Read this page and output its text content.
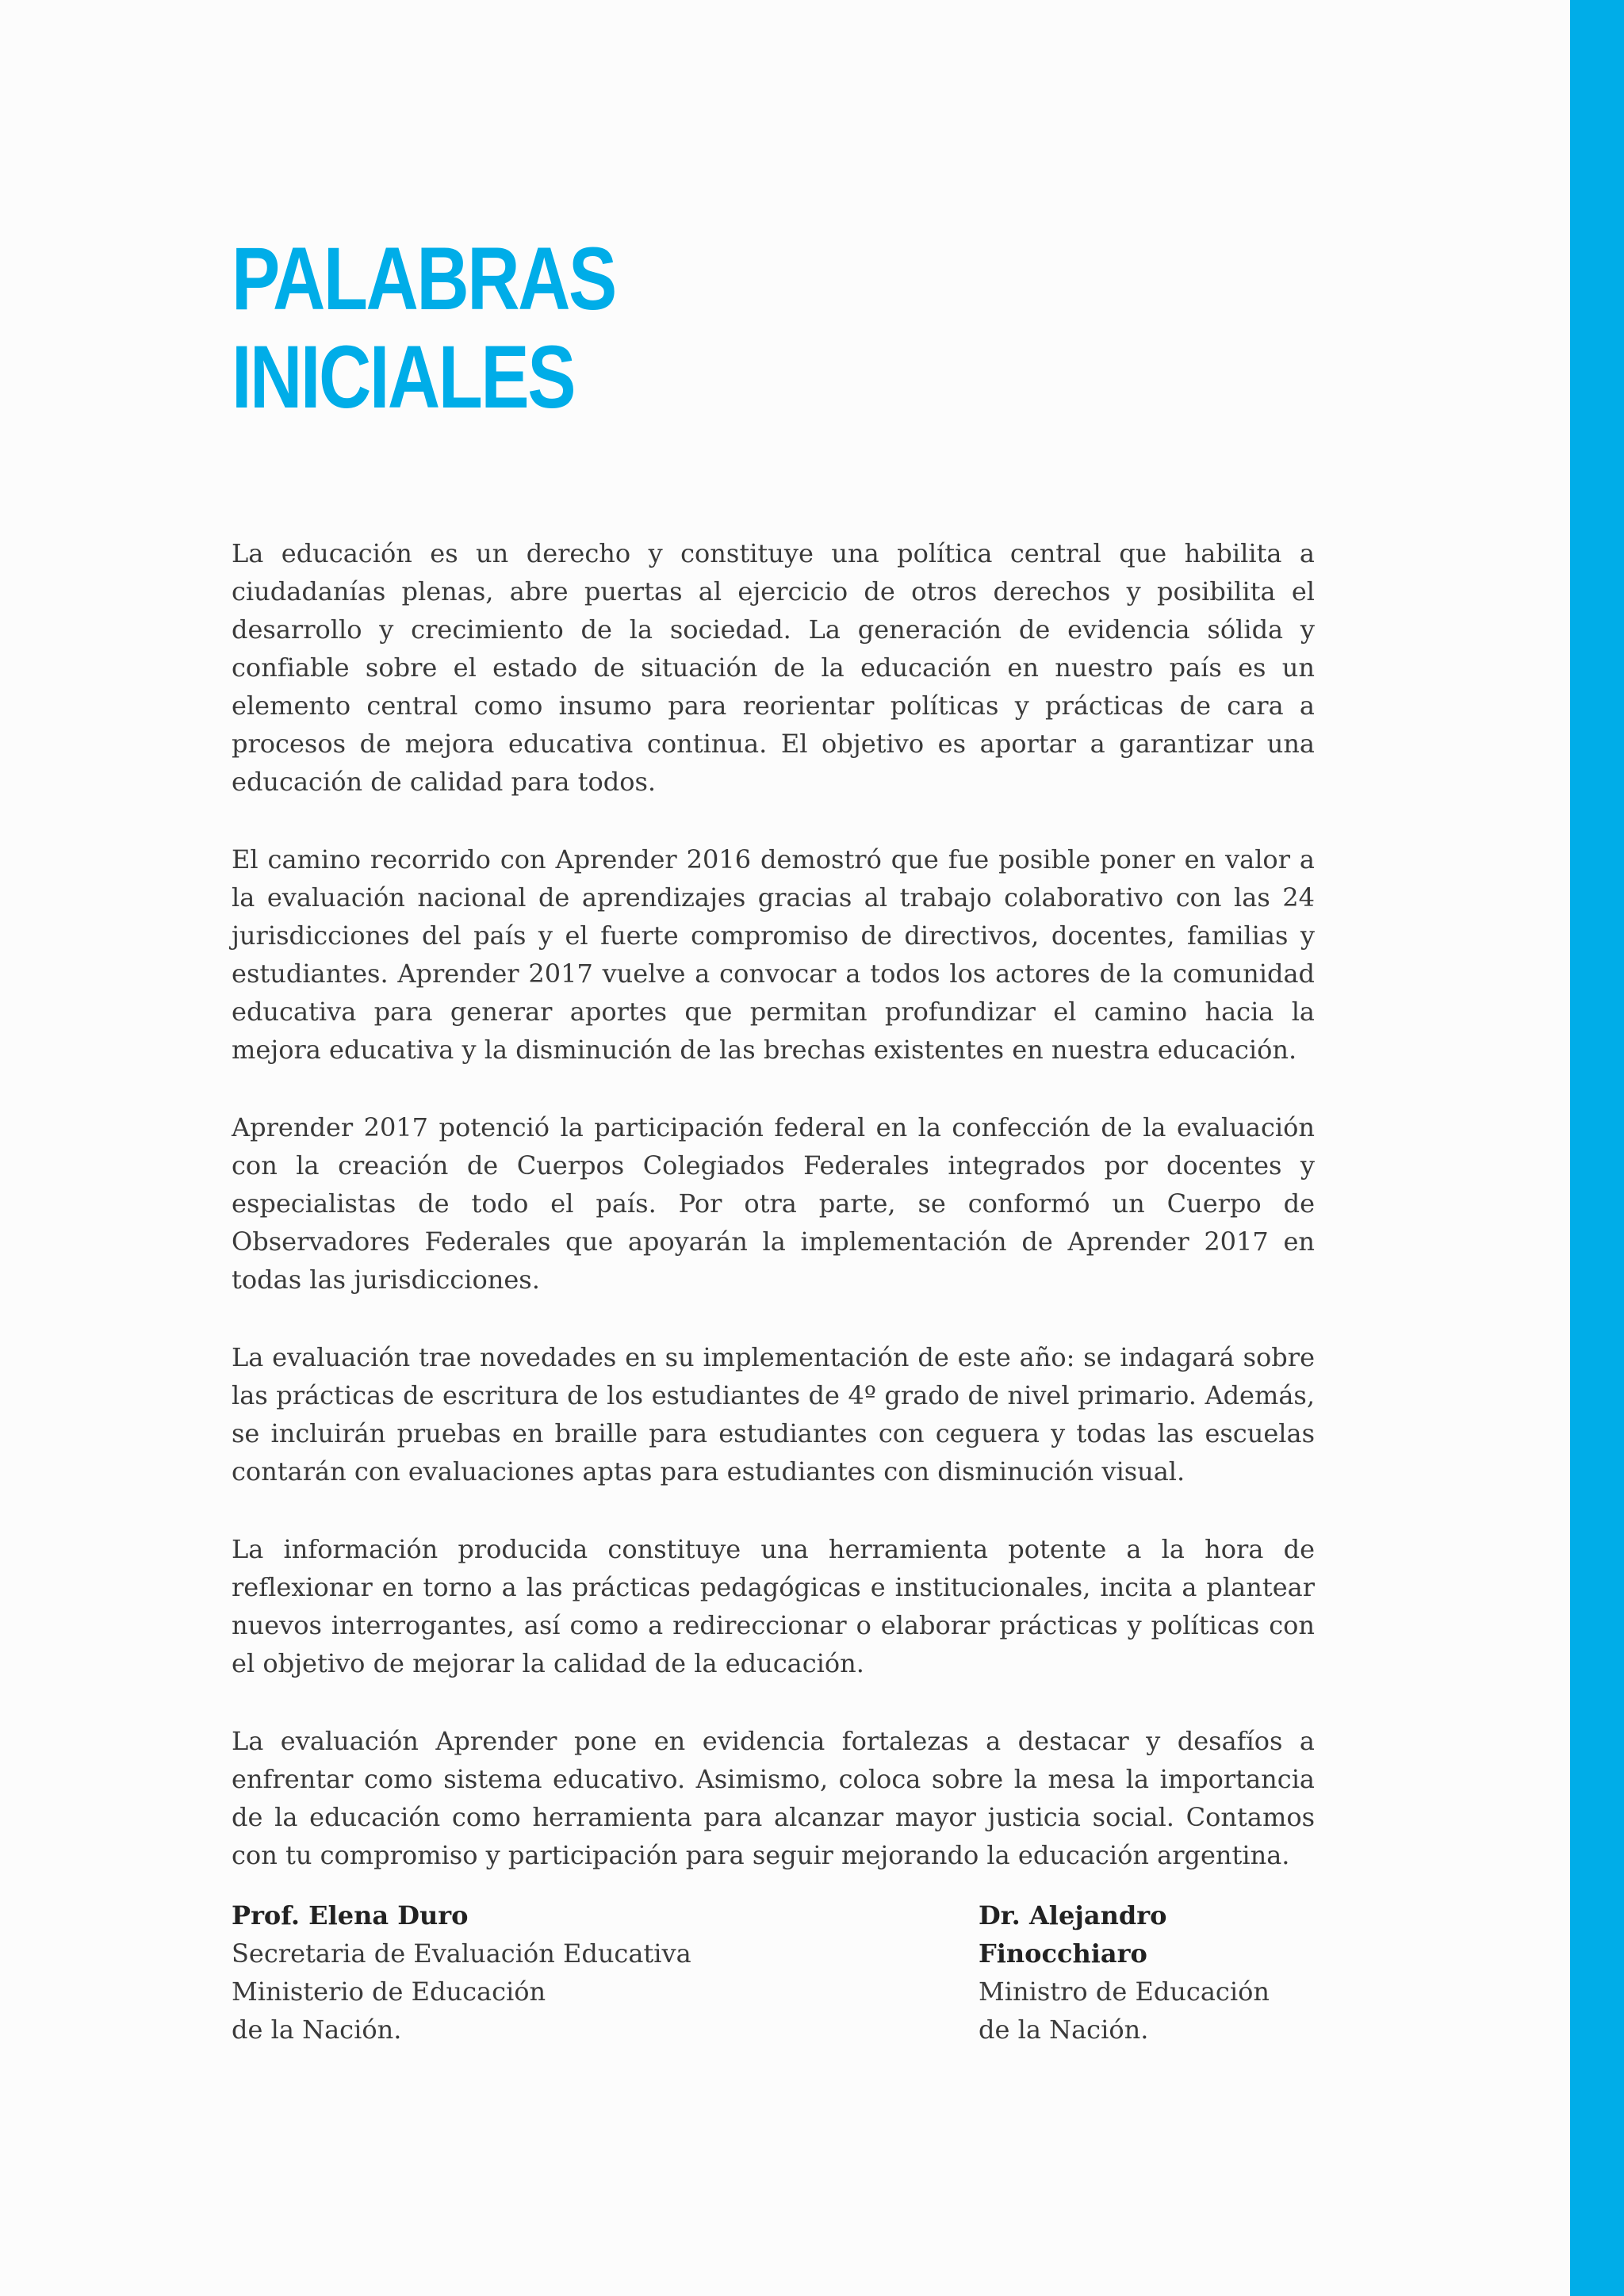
PALABRAS
INICIALES

La educación es un derecho y constituye una política central que habilita a ciudadanías plenas, abre puertas al ejercicio de otros derechos y posibilita el desarrollo y crecimiento de la sociedad. La generación de evidencia sólida y confiable sobre el estado de situación de la educación en nuestro país es un elemento central como insumo para reorientar políticas y prácticas de cara a procesos de mejora educativa continua. El objetivo es aportar a garantizar una educación de calidad para todos.

El camino recorrido con Aprender 2016 demostró que fue posible poner en valor a la evaluación nacional de aprendizajes gracias al trabajo colaborativo con las 24 jurisdicciones del país y el fuerte compromiso de directivos, docentes, familias y estudiantes. Aprender 2017 vuelve a convocar a todos los actores de la comunidad educativa para generar aportes que permitan profundizar el camino hacia la mejora educativa y la disminución de las brechas existentes en nuestra educación.

Aprender 2017 potenció la participación federal en la confección de la evaluación con la creación de Cuerpos Colegiados Federales integrados por docentes y especialistas de todo el país. Por otra parte, se conformó un Cuerpo de Observadores Federales que apoyarán la implementación de Aprender 2017 en todas las jurisdicciones.

La evaluación trae novedades en su implementación de este año: se indagará sobre las prácticas de escritura de los estudiantes de 4º grado de nivel primario. Además, se incluirán pruebas en braille para estudiantes con ceguera y todas las escuelas contarán con evaluaciones aptas para estudiantes con disminución visual.

La información producida constituye una herramienta potente a la hora de reflexionar en torno a las prácticas pedagógicas e institucionales, incita a plantear nuevos interrogantes, así como a redireccionar o elaborar prácticas y políticas con el objetivo de mejorar la calidad de la educación.

La evaluación Aprender pone en evidencia fortalezas a destacar y desafíos a enfrentar como sistema educativo. Asimismo, coloca sobre la mesa la importancia de la educación como herramienta para alcanzar mayor justicia social. Contamos con tu compromiso y participación para seguir mejorando la educación argentina.

Prof. Elena Duro
Secretaria de Evaluación Educativa
Ministerio de Educación
de la Nación.
Dr. Alejandro Finocchiaro
Ministro de Educación
de la Nación.
